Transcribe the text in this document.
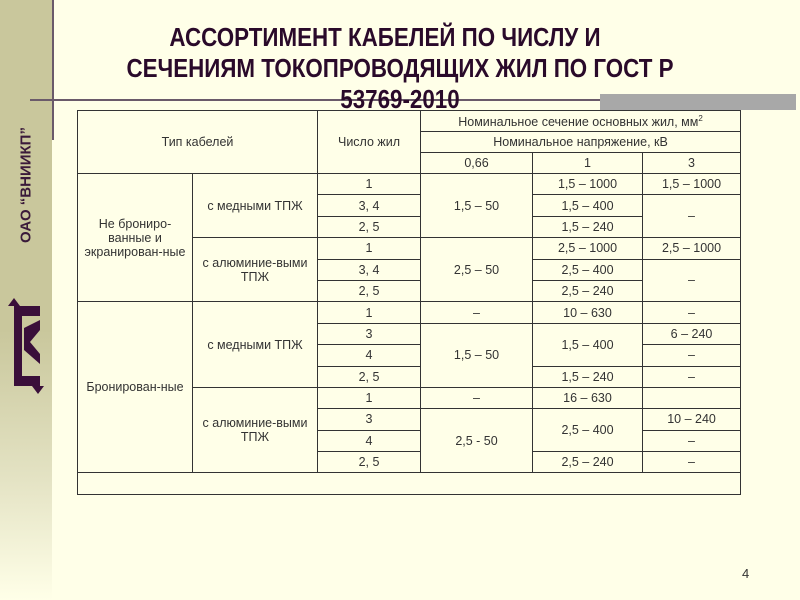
ОАО “ВНИИКП”
АССОРТИМЕНТ КАБЕЛЕЙ ПО ЧИСЛУ И
СЕЧЕНИЯМ ТОКОПРОВОДЯЩИХ ЖИЛ ПО ГОСТ Р
53769-2010
Тип кабелей		Число жил	Номинальное сечение основных жил, $мм^2$
			Номинальное напряжение, кВ		
			0,66	1	3
Не брониро-ванные и экранирован-ные	с медными ТПЖ	1	1,5 – 50	1,5 – 1000	1,5 – 1000
		3, 4		1,5 – 400	–
		2, 5		1,5 – 240	
	с алюминие-выми ТПЖ	1	2,5 – 50	2,5 – 1000	2,5 – 1000
		3, 4		2,5 – 400	–
		2, 5		2,5 – 240	
Бронирован-ные	с медными ТПЖ	1	–	10 – 630	–
		3	1,5 – 50	1,5 – 400	6 – 240
		4			–
		2, 5		1,5 – 240	–
	с алюминие-выми ТПЖ	1	–	16 – 630	
		3	2,5 - 50	2,5 – 400	10 – 240
		4			–
		2, 5		2,5 – 240	–

4
